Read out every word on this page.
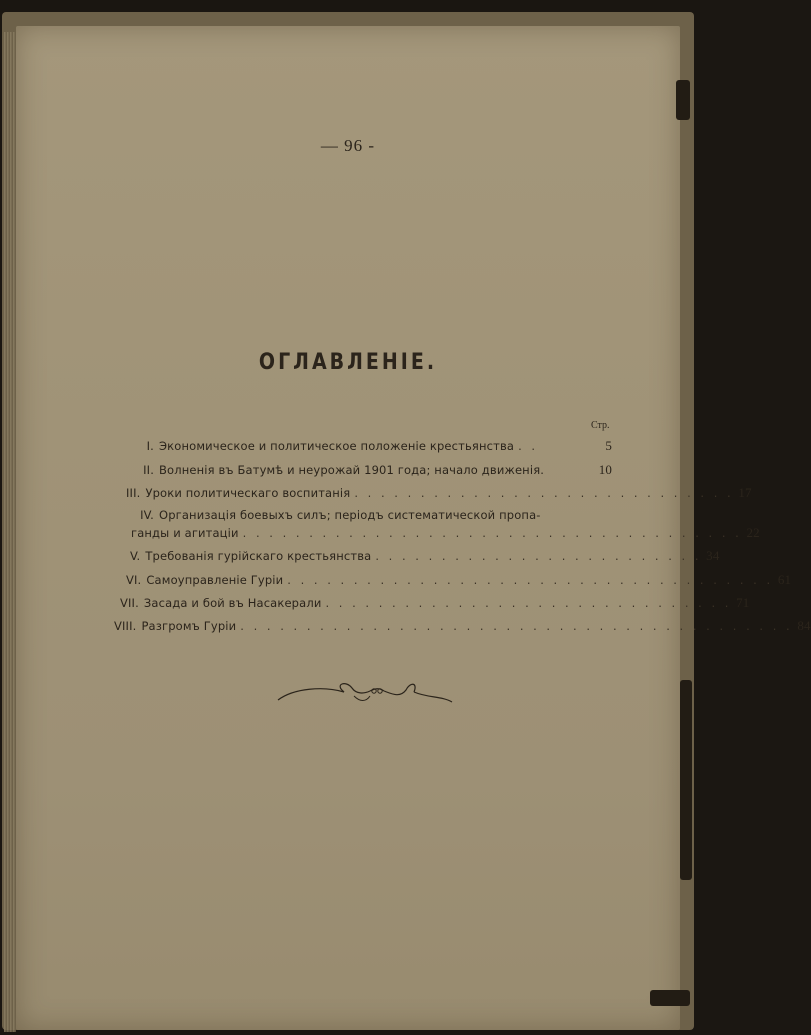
— 96 -
ОГЛАВЛЕНІЕ.
Стр.
I. Экономическое и политическое положеніе крестьянства . .	5
II. Волненія въ Батумѣ и неурожай 1901 года; начало движенія.	10
III. Уроки политическаго воспитанія . . . . . . . . . . . . . . . . . . . . . . . . . . . . . 17
IV. Организація боевыхъ силъ; періодъ систематической пропа-
ганды и агитаціи . . . . . . . . . . . . . . . . . . . . . . . . . . . . . . . . . . . . . . 22
V. Требованія гурійскаго крестьянства . . . . . . . . . . . . . . . . . . . . . . . . . 34
VI. Самоуправленіе Гуріи . . . . . . . . . . . . . . . . . . . . . . . . . . . . . . . . . . . . . 61
VII. Засада и бой въ Насакерали . . . . . . . . . . . . . . . . . . . . . . . . . . . . . . . 71
VIII. Разгромъ Гуріи . . . . . . . . . . . . . . . . . . . . . . . . . . . . . . . . . . . . . . . . . . 84
